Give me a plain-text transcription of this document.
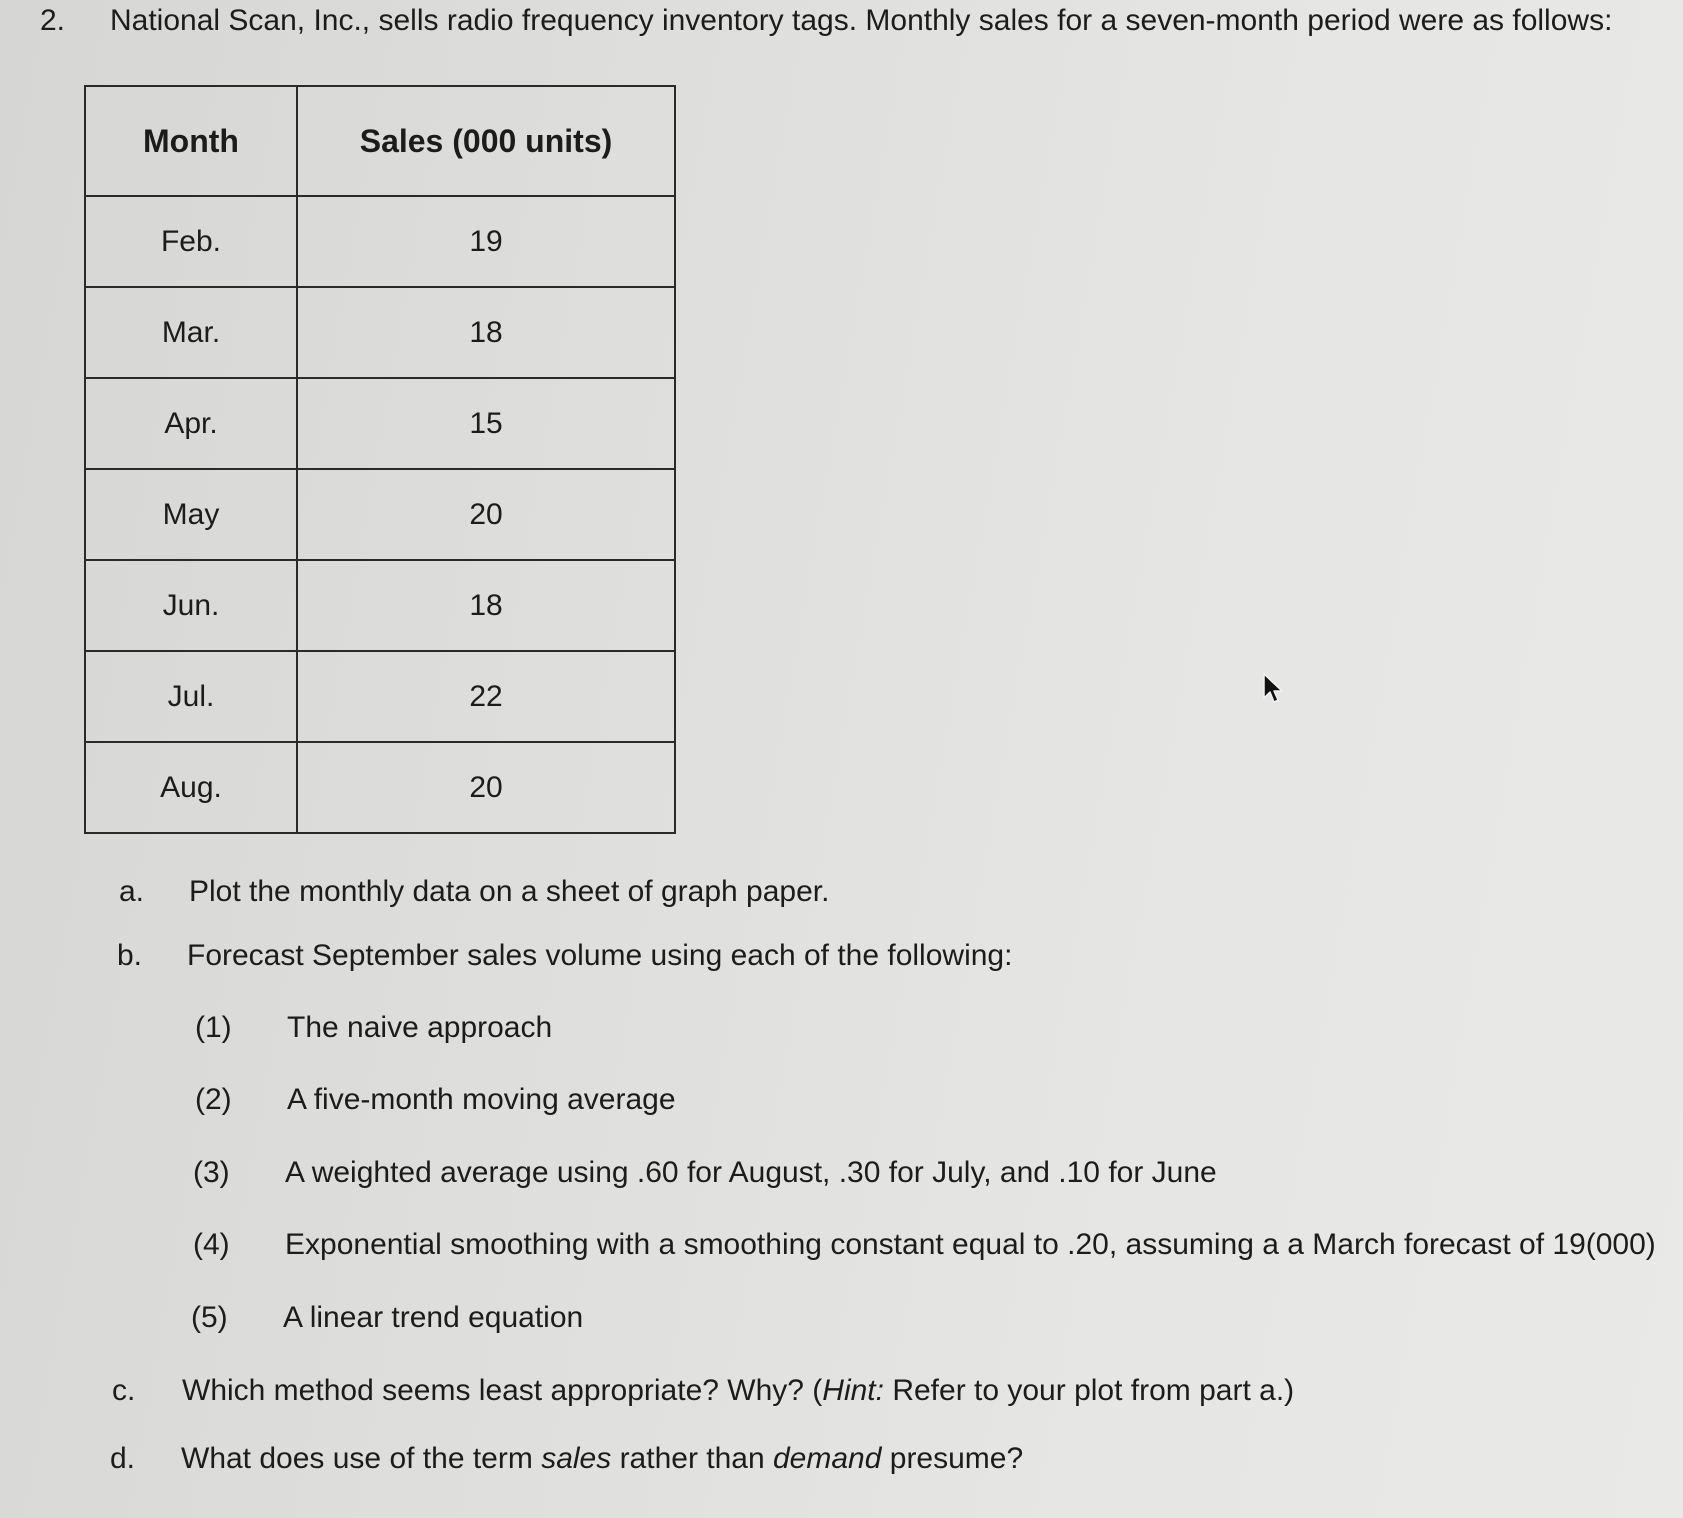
2. National Scan, Inc., sells radio frequency inventory tags. Monthly sales for a seven-month period were as follows:
Month	Sales (000 units)
Feb.	19
Mar.	18
Apr.	15
May	20
Jun.	18
Jul.	22
Aug.	20
a. Plot the monthly data on a sheet of graph paper.
b. Forecast September sales volume using each of the following:
(1) The naive approach
(2) A five-month moving average
(3) A weighted average using .60 for August, .30 for July, and .10 for June
(4) Exponential smoothing with a smoothing constant equal to .20, assuming a a March forecast of 19(000)
(5) A linear trend equation
c. Which method seems least appropriate? Why? (Hint: Refer to your plot from part a.)
d. What does use of the term sales rather than demand presume?
